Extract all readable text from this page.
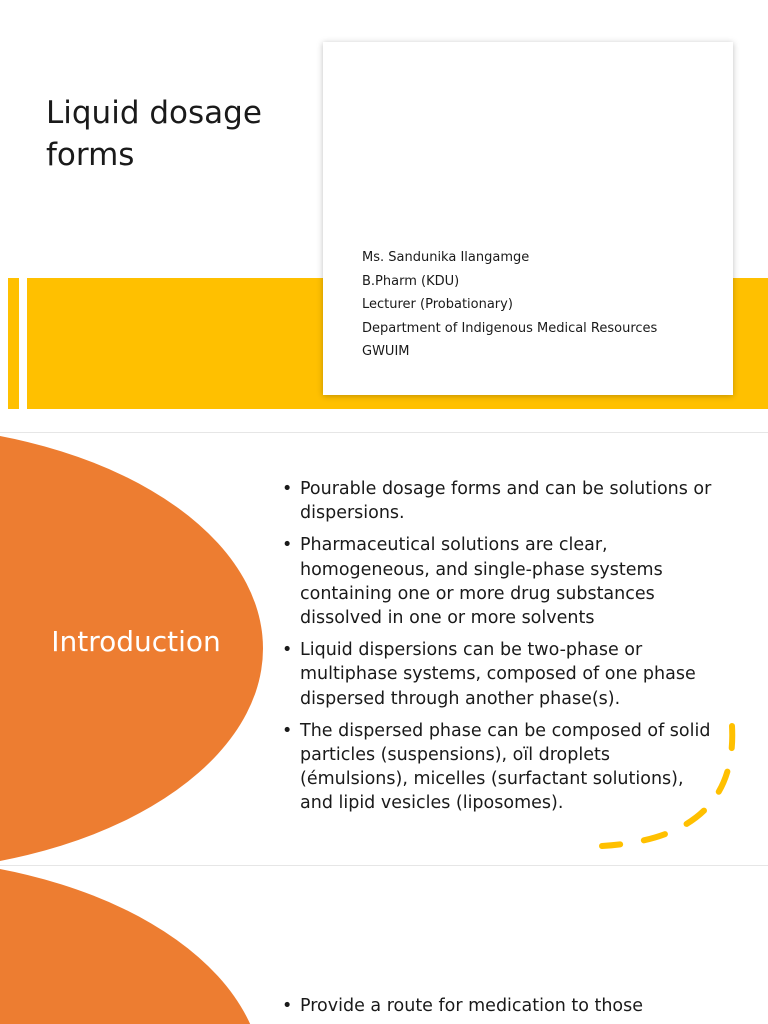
Liquid dosage
forms
Ms. Sandunika Ilangamge
B.Pharm (KDU)
Lecturer (Probationary)
Department of Indigenous Medical Resources
GWUIM
Introduction
• Pourable dosage forms and can be solutions or dispersions.
• Pharmaceutical solutions are clear, homogeneous, and single-phase systems containing one or more drug substances dissolved in one or more solvents
• Liquid dispersions can be two-phase or multiphase systems, composed of one phase dispersed through another phase(s).
• The dispersed phase can be composed of solid particles (suspensions), oïl droplets (émulsions), micelles (surfactant solutions), and lipid vesicles (liposomes).
• Provide a route for medication to those
